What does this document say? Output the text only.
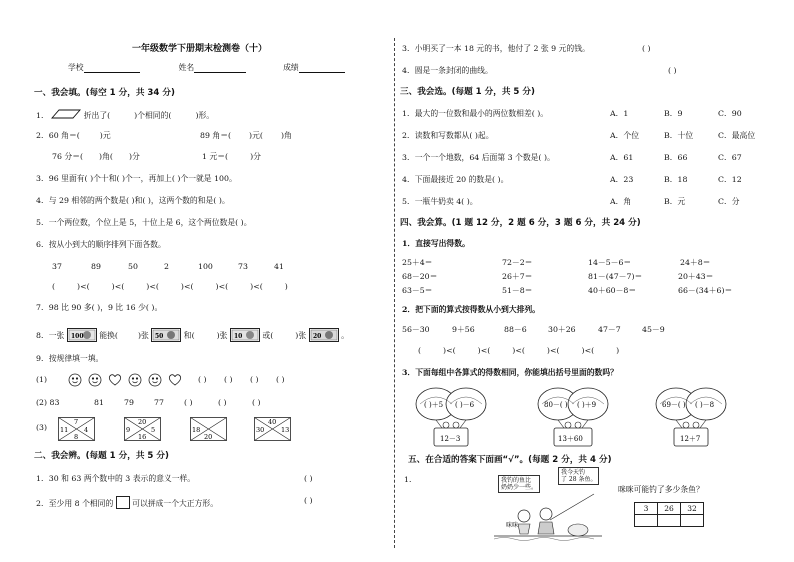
一年级数学下册期末检测卷（十）
学校	姓名	成绩
一、我会填。(每空 1 分，共 34 分)
1．	折出了(	)个相同的(	)形。
2．60 角＝(	)元	89 角＝( )元( )角
76 分＝( )角( )分	1 元＝(	)分
3．96 里面有( )个十和( )个一，再加上( )个一就是 100。
4．与 29 相邻的两个数是( )和( )，这两个数的和是( )。
5．一个两位数，个位上是 5，十位上是 6，这个两位数是( )。
6．按从小到大的顺序排列下面各数。
37	89	50	2	100	73	41
(	)<(	)<(	)<(	)<(	)<(	)<(	)
7．98 比 90 多( )，9 比 16 少( )。
8．一张 100 能换(	)张 50	和(	)张 10	或(	)张 20	。
9．按规律填一填。
(1)	( ) ( ) ( ) ( )
(2) 83	81	79	77	( )	( )	( )
(3) 11
7
4
8
9
20
5
16
18
20
30
40
13
二、我会辨。(每题 1 分，共 5 分)
1．30 和 63 两个数中的 3 表示的意义一样。	( )
2．至少用 8 个相同的 可以拼成一个大正方形。	( )
3．小明买了一本 18 元的书，他付了 2 张 9 元的钱。	( )
4．圆是一条封闭的曲线。	( )
三、我会选。(每题 1 分，共 5 分)
1．最大的一位数和最小的两位数相差( )。	A．1	B．9	C．90
2．读数和写数都从( )起。	A．个位	B．十位	C．最高位
3．一个一个地数，64 后面第 3 个数是( )。	A．61	B．66	C．67
4．下面最接近 20 的数是( )。	A．23	B．18	C．12
5．一瓶牛奶卖 4( )。	A．角	B．元	C．分
四、我会算。(1 题 12 分，2 题 6 分，3 题 6 分，共 24 分)
1．直接写出得数。
25＋4＝	72－2＝	14－5－6＝	24＋8＝
68－20＝	26＋7＝	81－(47－7)＝	20＋43＝
63－5＝	51－8＝	40＋60－8＝	66－(34＋6)＝
2．把下面的算式按得数从小到大排列。
56－30	9＋56	88－6	30＋26	47－7	45－9
(	)<(	)<(	)<(	)<(	)<(	)
3．下面每组中各算式的得数相同，你能填出括号里面的数吗？
( )＋5 ( )－6
12－3
80－( ) ( )＋9
13＋60
69－( ) ( )－8
12＋7
五、在合适的答案下面画“√”。(每题 2 分，共 4 分)
1．	我钓的鱼比
奶奶少一些。
我今天钓
了 28 条鱼。
咪咪
咪咪可能钓了多少条鱼？
3	26	32
